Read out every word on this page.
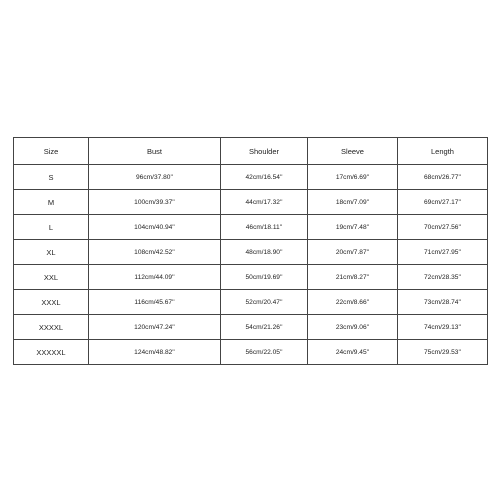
Size	Bust	Shoulder	Sleeve	Length
S	96cm/37.80''	42cm/16.54''	17cm/6.69''	68cm/26.77''
M	100cm/39.37''	44cm/17.32''	18cm/7.09''	69cm/27.17''
L	104cm/40.94''	46cm/18.11''	19cm/7.48''	70cm/27.56''
XL	108cm/42.52''	48cm/18.90''	20cm/7.87''	71cm/27.95''
XXL	112cm/44.09''	50cm/19.69''	21cm/8.27''	72cm/28.35''
XXXL	116cm/45.67''	52cm/20.47''	22cm/8.66''	73cm/28.74''
XXXXL	120cm/47.24''	54cm/21.26''	23cm/9.06''	74cm/29.13''
XXXXXL	124cm/48.82''	56cm/22.05''	24cm/9.45''	75cm/29.53''
